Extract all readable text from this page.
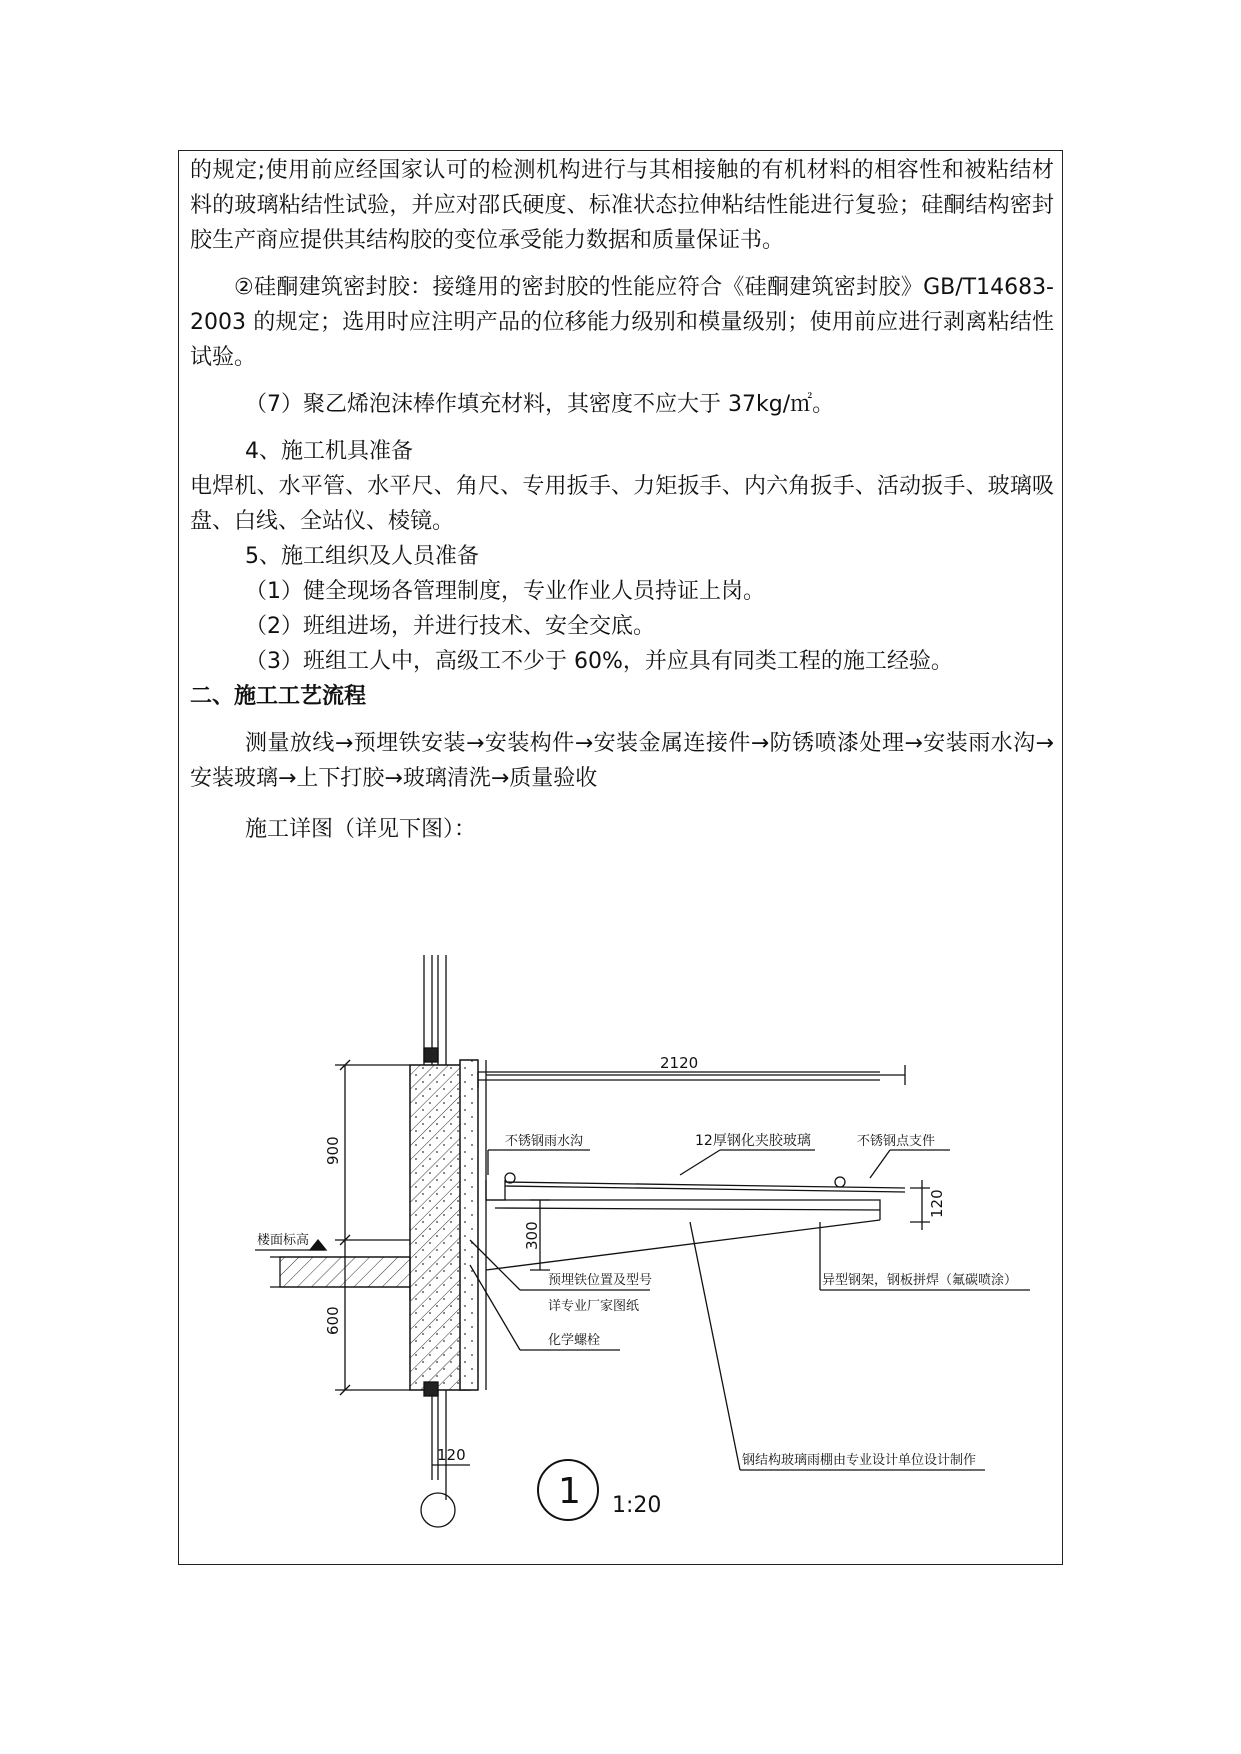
的规定;使用前应经国家认可的检测机构进行与其相接触的有机材料的相容性和被粘结材料的玻璃粘结性试验，并应对邵氏硬度、标准状态拉伸粘结性能进行复验；硅酮结构密封胶生产商应提供其结构胶的变位承受能力数据和质量保证书。

②硅酮建筑密封胶：接缝用的密封胶的性能应符合《硅酮建筑密封胶》GB/T14683-2003 的规定；选用时应注明产品的位移能力级别和模量级别；使用前应进行剥离粘结性试验。

（7）聚乙烯泡沫棒作填充材料，其密度不应大于 37kg/㎡。

4、施工机具准备

电焊机、水平管、水平尺、角尺、专用扳手、力矩扳手、内六角扳手、活动扳手、玻璃吸盘、白线、全站仪、棱镜。

5、施工组织及人员准备

（1）健全现场各管理制度，专业作业人员持证上岗。

（2）班组进场，并进行技术、安全交底。

（3）班组工人中，高级工不少于 60%，并应具有同类工程的施工经验。

二、施工工艺流程

测量放线→预埋铁安装→安装构件→安装金属连接件→防锈喷漆处理→安装雨水沟→安装玻璃→上下打胶→玻璃清洗→质量验收

施工详图（详见下图）：

2120
900
600
300
120
120
不锈钢雨水沟	12厚钢化夹胶玻璃	不锈钢点支件
楼面标高
预埋铁位置及型号
详专业厂家图纸
化学螺栓
异型钢架，钢板拼焊（氟碳喷涂）
钢结构玻璃雨棚由专业设计单位设计制作
1 1:20
